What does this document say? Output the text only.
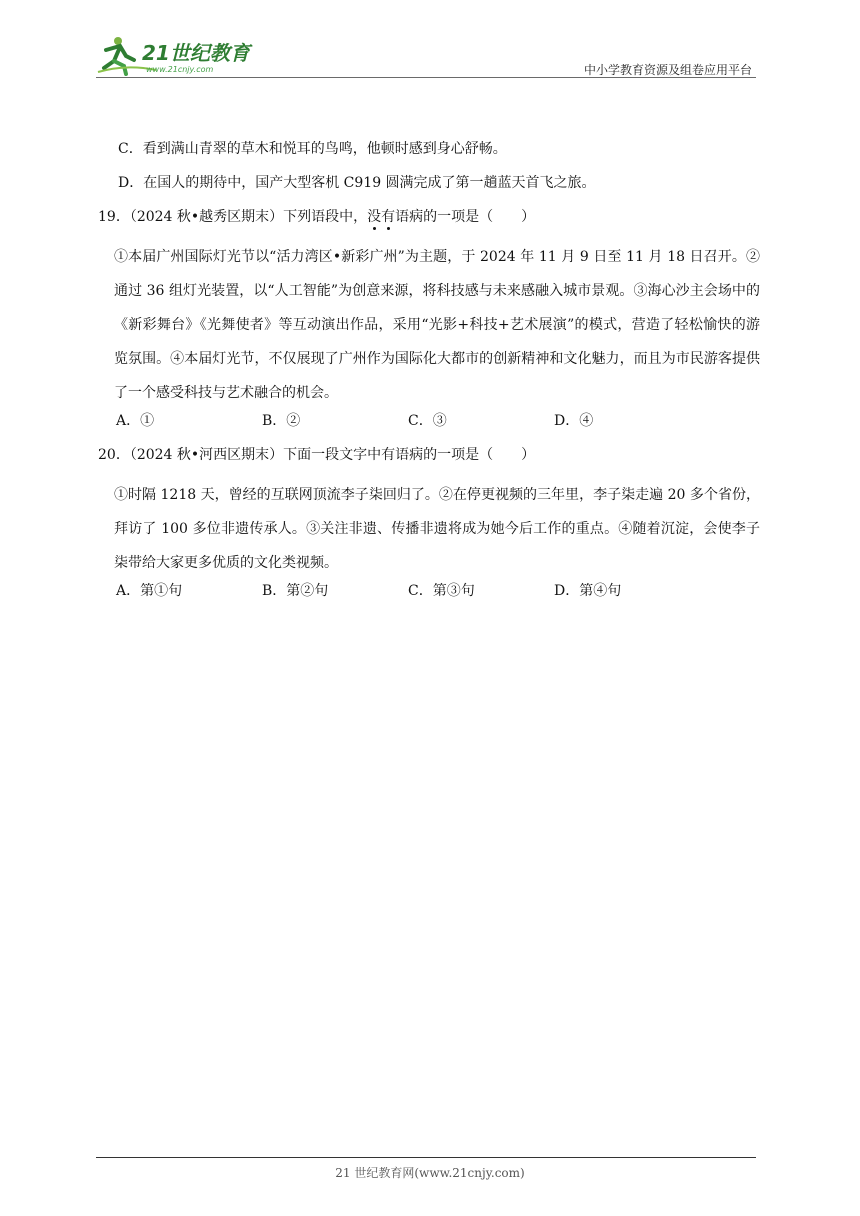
21世纪教育
www.21cnjy.com	中小学教育资源及组卷应用平台
C．看到满山青翠的草木和悦耳的鸟鸣，他顿时感到身心舒畅。
D．在国人的期待中，国产大型客机 C919 圆满完成了第一趟蓝天首飞之旅。
19．（2024 秋•越秀区期末）下列语段中，没有语病的一项是（　　）

①本届广州国际灯光节以“活力湾区•新彩广州”为主题，于 2024 年 11 月 9 日至 11 月 18 日召开。②通过 36 组灯光装置，以“人工智能”为创意来源，将科技感与未来感融入城市景观。③海心沙主会场中的《新彩舞台》《光舞使者》等互动演出作品，采用“光影+科技+艺术展演”的模式，营造了轻松愉快的游览氛围。④本届灯光节，不仅展现了广州作为国际化大都市的创新精神和文化魅力，而且为市民游客提供了一个感受科技与艺术融合的机会。

A．①	B．②	C．③	D．④
20．（2024 秋•河西区期末）下面一段文字中有语病的一项是（　　）

①时隔 1218 天，曾经的互联网顶流李子柒回归了。②在停更视频的三年里，李子柒走遍 20 多个省份，拜访了 100 多位非遗传承人。③关注非遗、传播非遗将成为她今后工作的重点。④随着沉淀，会使李子柒带给大家更多优质的文化类视频。

A．第①句	B．第②句	C．第③句	D．第④句
21 世纪教育网(www.21cnjy.com)
